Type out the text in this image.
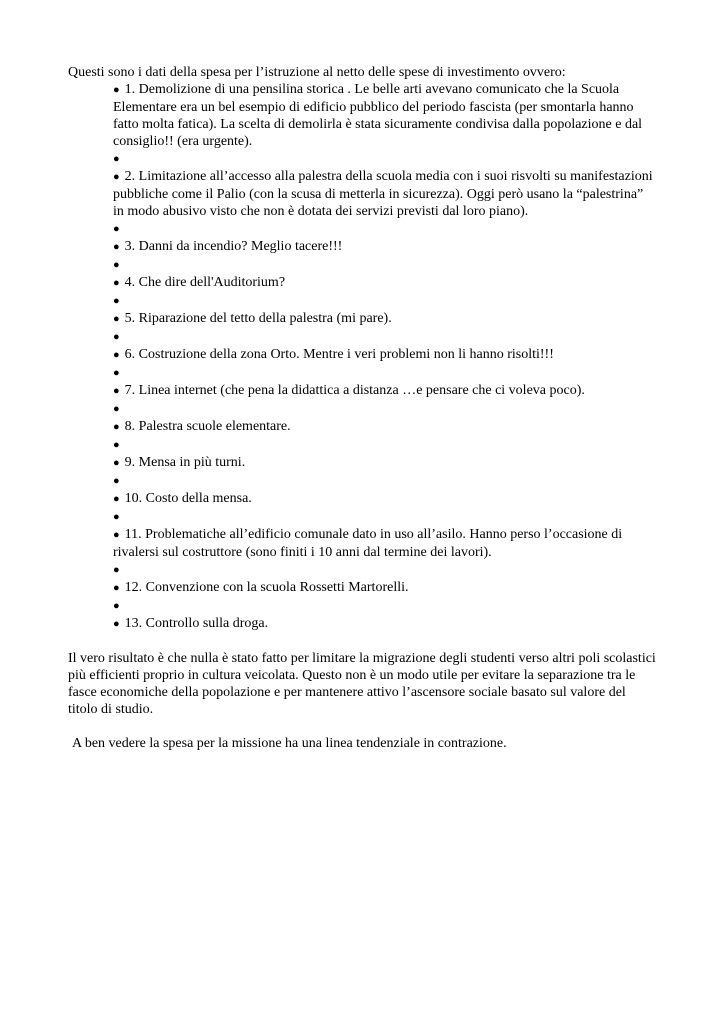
Questi sono i dati della spesa per l’istruzione al netto delle spese di investimento ovvero:

● 1. Demolizione di una pensilina storica . Le belle arti avevano comunicato che la Scuola Elementare era un bel esempio di edificio pubblico del periodo fascista (per smontarla hanno fatto molta fatica). La scelta di demolirla è stata sicuramente condivisa dalla popolazione e dal consiglio!! (era urgente).
●
● 2. Limitazione all’accesso alla palestra della scuola media con i suoi risvolti su manifestazioni pubbliche come il Palio (con la scusa di metterla in sicurezza). Oggi però usano la “palestrina” in modo abusivo visto che non è dotata dei servizi previsti dal loro piano).
●
● 3. Danni da incendio? Meglio tacere!!!
●
● 4. Che dire dell'Auditorium?
●
● 5. Riparazione del tetto della palestra (mi pare).
●
● 6. Costruzione della zona Orto. Mentre i veri problemi non li hanno risolti!!!
●
● 7. Linea internet (che pena la didattica a distanza …e pensare che ci voleva poco).
●
● 8. Palestra scuole elementare.
●
● 9. Mensa in più turni.
●
● 10. Costo della mensa.
●
● 11. Problematiche all’edificio comunale dato in uso all’asilo. Hanno perso l’occasione di rivalersi sul costruttore (sono finiti i 10 anni dal termine dei lavori).
●
● 12. Convenzione con la scuola Rossetti Martorelli.
●
● 13. Controllo sulla droga.

Il vero risultato è che nulla è stato fatto per limitare la migrazione degli studenti verso altri poli scolastici più efficienti proprio in cultura veicolata. Questo non è un modo utile per evitare la separazione tra le fasce economiche della popolazione e per mantenere attivo l’ascensore sociale basato sul valore del titolo di studio.

A ben vedere la spesa per la missione ha una linea tendenziale in contrazione.
